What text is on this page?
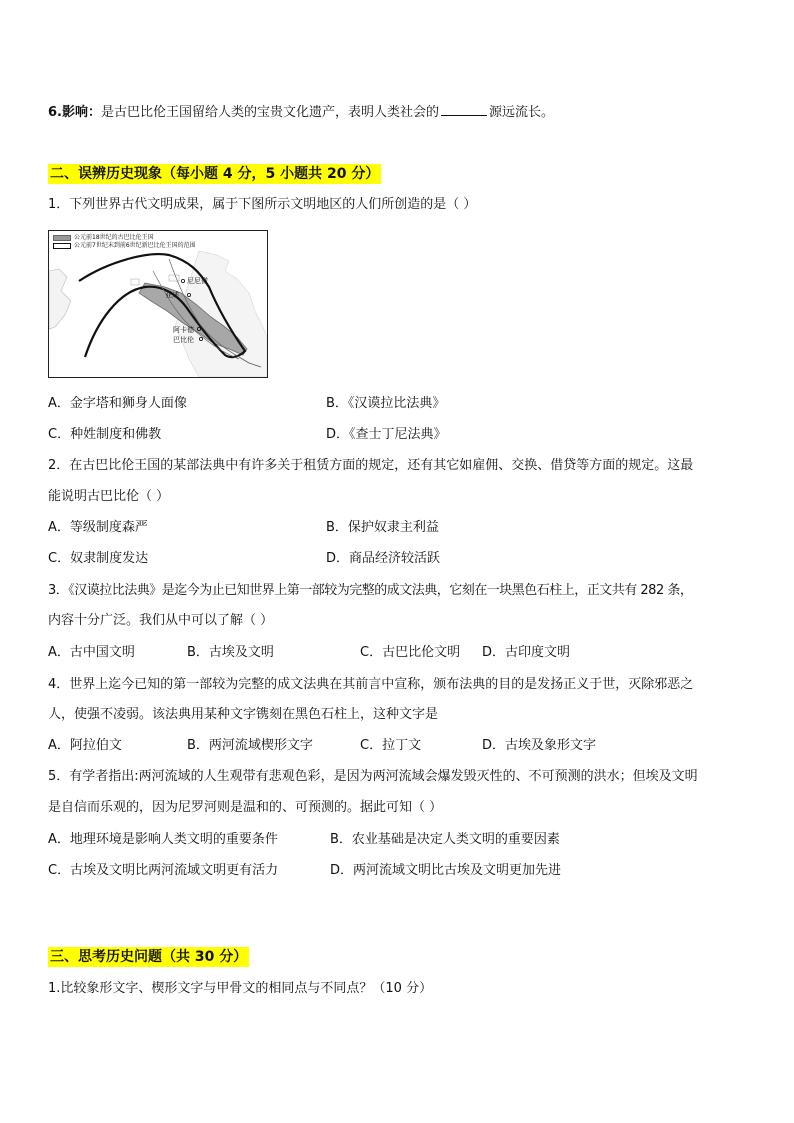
6.影响：是古巴比伦王国留给人类的宝贵文化遗产，表明人类社会的	源远流长。
二、误辨历史现象（每小题 4 分，5 小题共 20 分）
1．下列世界古代文明成果，属于下图所示文明地区的人们所创造的是（ ）
公元前18世纪的古巴比伦王国
公元前7世纪末到前6世纪新巴比伦王国的范围
尼尼微
亚述
阿卡德
巴比伦
A．金字塔和狮身人面像	B．《汉谟拉比法典》
C．种姓制度和佛教	D．《查士丁尼法典》
2．在古巴比伦王国的某部法典中有许多关于租赁方面的规定，还有其它如雇佣、交换、借贷等方面的规定。这最
能说明古巴比伦（ ）
A．等级制度森严	B．保护奴隶主利益
C．奴隶制度发达	D．商品经济较活跃
3．《汉谟拉比法典》是迄今为止已知世界上第一部较为完整的成文法典，它刻在一块黑色石柱上，正文共有 282 条，
内容十分广泛。我们从中可以了解（ ）
A．古中国文明	B．古埃及文明	C．古巴比伦文明 D．古印度文明
4．世界上迄今已知的第一部较为完整的成文法典在其前言中宣称，颁布法典的目的是发扬正义于世，灭除邪恶之
人，使强不凌弱。该法典用某种文字镌刻在黑色石柱上，这种文字是
A．阿拉伯文	B．两河流域楔形文字	C．拉丁文	D．古埃及象形文字
5．有学者指出:两河流域的人生观带有悲观色彩，是因为两河流域会爆发毁灭性的、不可预测的洪水；但埃及文明
是自信而乐观的，因为尼罗河则是温和的、可预测的。据此可知（ ）
A．地理环境是影响人类文明的重要条件	B．农业基础是决定人类文明的重要因素
C．古埃及文明比两河流域文明更有活力	D．两河流域文明比古埃及文明更加先进
三、思考历史问题（共 30 分）
1.比较象形文字、楔形文字与甲骨文的相同点与不同点？（10 分）
